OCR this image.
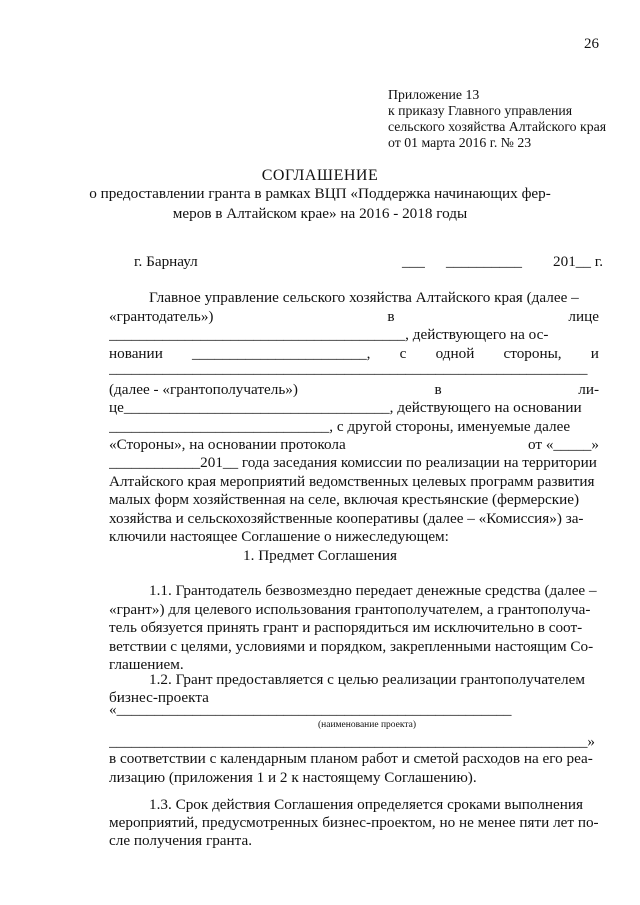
26
Приложение 13
к приказу Главного управления
сельского хозяйства Алтайского края
от 01 марта 2016 г. № 23
СОГЛАШЕНИЕ
о предоставлении гранта в рамках ВЦП «Поддержка начинающих фер-
меров в Алтайском крае» на 2016 - 2018 годы
г. Барнаул	___ __________ 201__ г.
Главное управление сельского хозяйства Алтайского края (далее –
«грантодатель»)	в	лице
_______________________________________, действующего на ос-
новании _______________________, с одной стороны, и
_______________________________________________________________
(далее - «грантополучатель»)	в	ли-
це___________________________________, действующего на основании
_____________________________, с другой стороны, именуемые далее
«Стороны», на основании протокола	от «_____»
____________201__ года заседания комиссии по реализации на территории
Алтайского края мероприятий ведомственных целевых программ развития
малых форм хозяйственная на селе, включая крестьянские (фермерские)
хозяйства и сельскохозяйственные кооперативы (далее – «Комиссия») за-
ключили настоящее Соглашение о нижеследующем:
1. Предмет Соглашения
1.1. Грантодатель безвозмездно передает денежные средства (далее –
«грант») для целевого использования грантополучателем, а грантополуча-
тель обязуется принять грант и распорядиться им исключительно в соот-
ветствии с целями, условиями и порядком, закрепленными настоящим Со-
глашением.
1.2. Грант предоставляется с целью реализации грантополучателем
бизнес-проекта
«____________________________________________________
(наименование проекта)
_______________________________________________________________»
в соответствии с календарным планом работ и сметой расходов на его реа-
лизацию (приложения 1 и 2 к настоящему Соглашению).
1.3. Срок действия Соглашения определяется сроками выполнения
мероприятий, предусмотренных бизнес-проектом, но не менее пяти лет по-
сле получения гранта.
